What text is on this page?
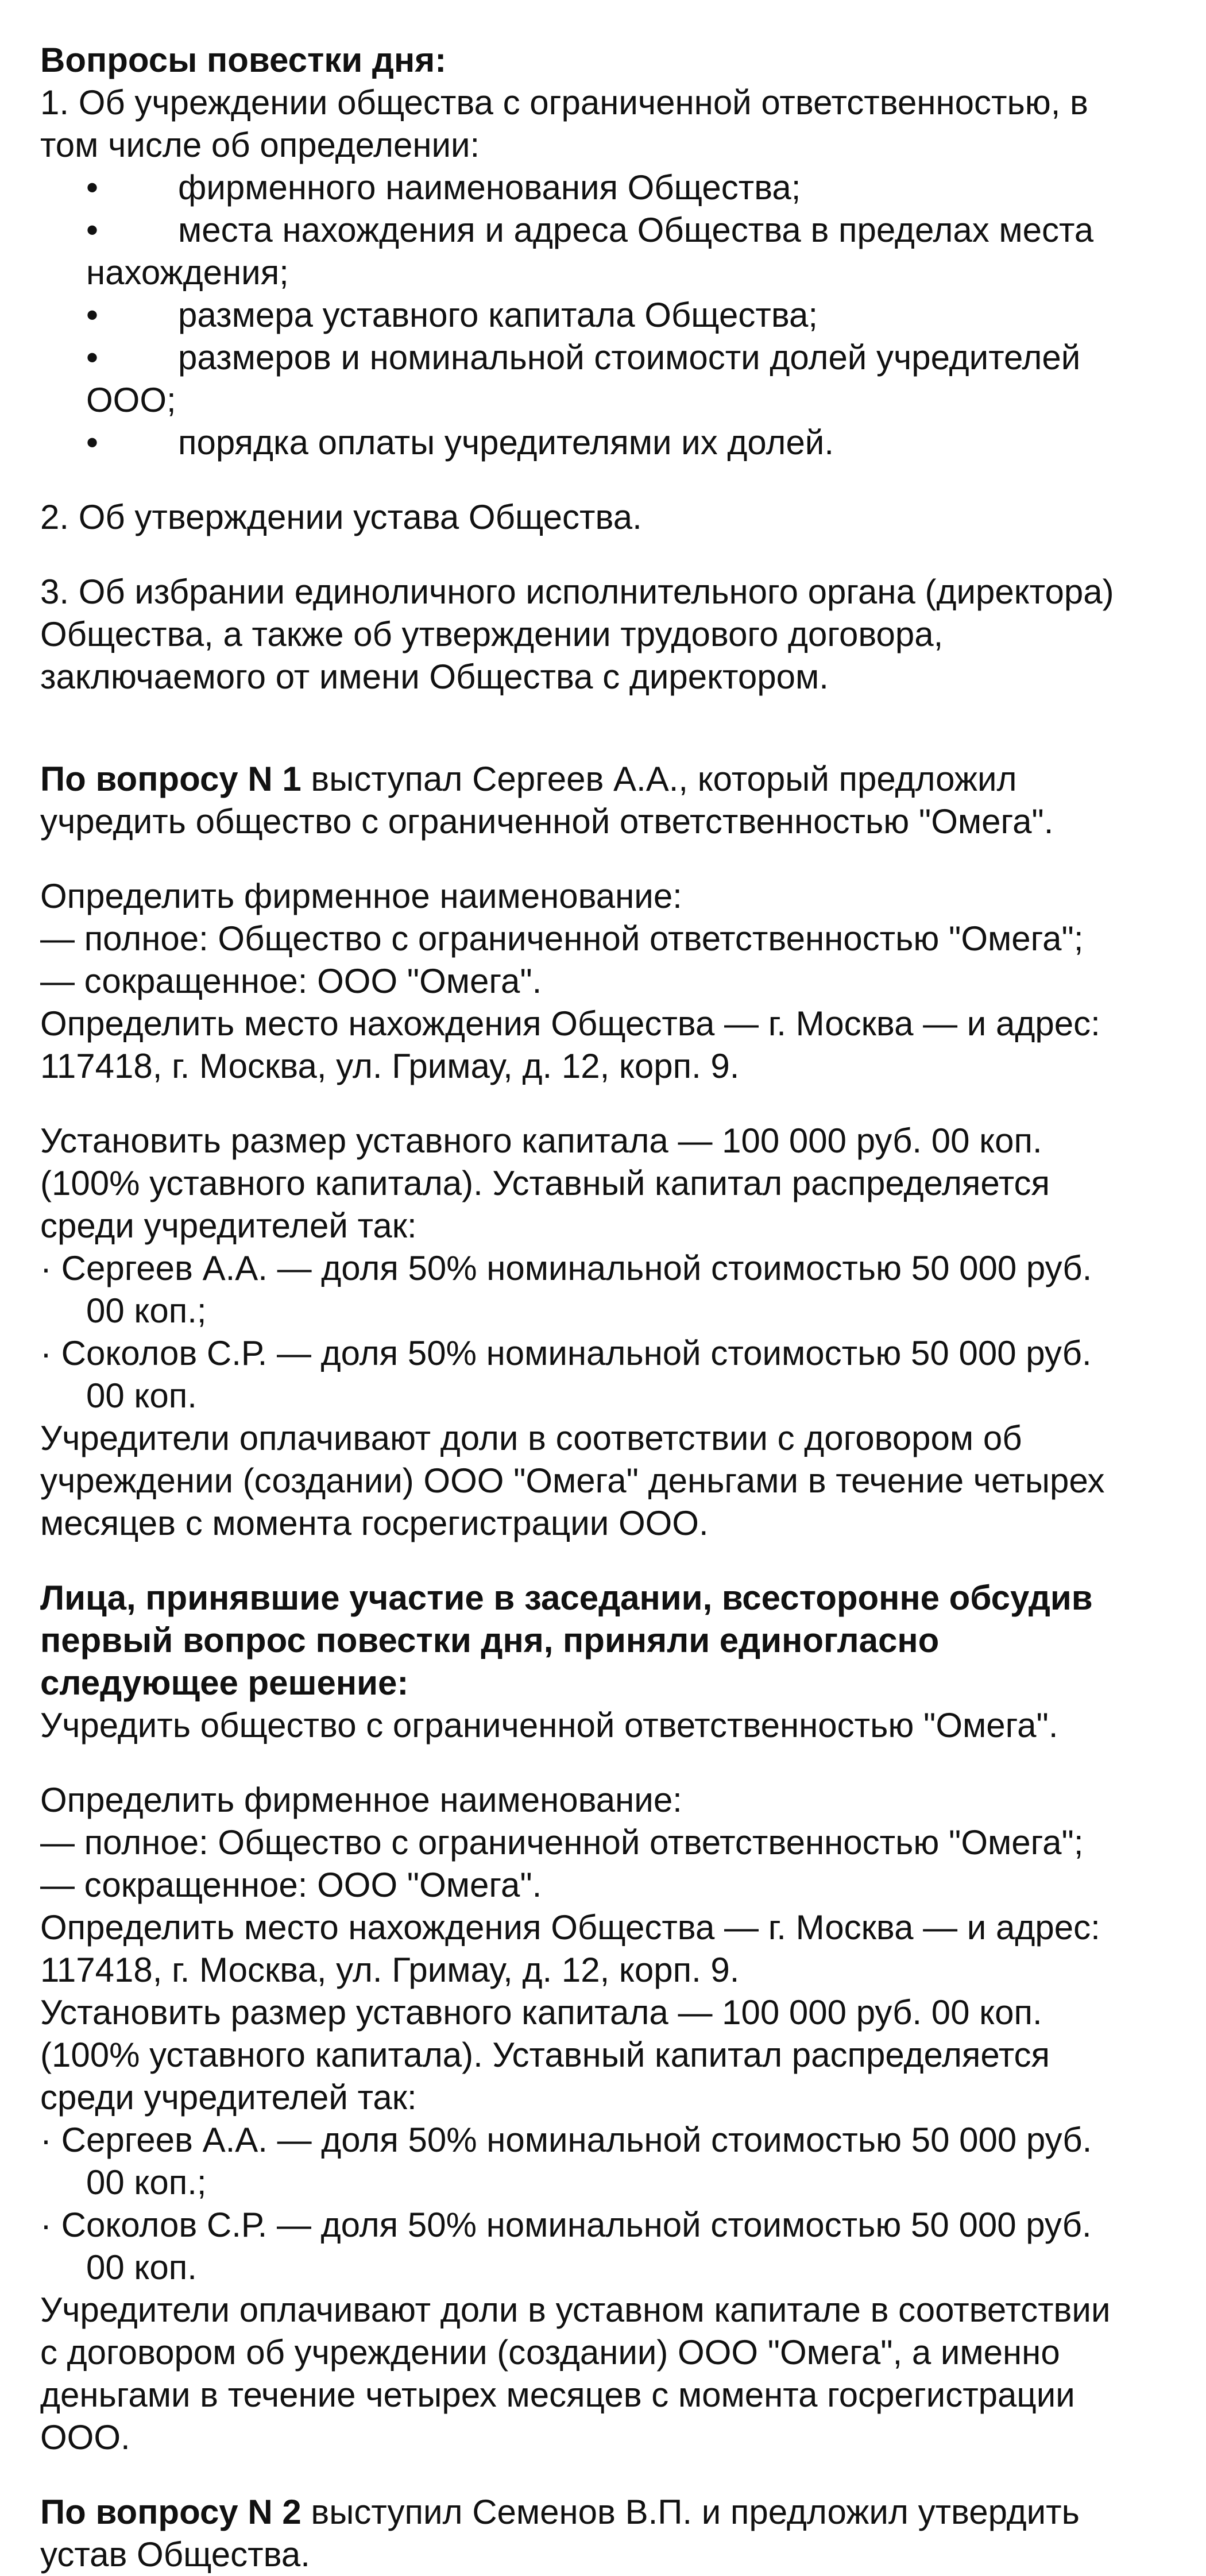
Вопросы повестки дня:
1. Об учреждении общества с ограниченной ответственностью, в
том числе об определении:
• фирменного наименования Общества;
• места нахождения и адреса Общества в пределах места
нахождения;
• размера уставного капитала Общества;
• размеров и номинальной стоимости долей учредителей
ООО;
• порядка оплаты учредителями их долей.
2. Об утверждении устава Общества.
3. Об избрании единоличного исполнительного органа (директора)
Общества, а также об утверждении трудового договора,
заключаемого от имени Общества с директором.
По вопросу N 1 выступал Сергеев А.А., который предложил
учредить общество с ограниченной ответственностью "Омега".
Определить фирменное наименование:
— полное: Общество с ограниченной ответственностью "Омега";
— сокращенное: ООО "Омега".
Определить место нахождения Общества — г. Москва — и адрес:
117418, г. Москва, ул. Гримау, д. 12, корп. 9.
Установить размер уставного капитала — 100 000 руб. 00 коп.
(100% уставного капитала). Уставный капитал распределяется
среди учредителей так:
· Сергеев А.А. — доля 50% номинальной стоимостью 50 000 руб.
00 коп.;
· Соколов С.Р. — доля 50% номинальной стоимостью 50 000 руб.
00 коп.
Учредители оплачивают доли в соответствии с договором об
учреждении (создании) ООО "Омега" деньгами в течение четырех
месяцев с момента госрегистрации ООО.
Лица, принявшие участие в заседании, всесторонне обсудив
первый вопрос повестки дня, приняли единогласно
следующее решение:
Учредить общество с ограниченной ответственностью "Омега".
Определить фирменное наименование:
— полное: Общество с ограниченной ответственностью "Омега";
— сокращенное: ООО "Омега".
Определить место нахождения Общества — г. Москва — и адрес:
117418, г. Москва, ул. Гримау, д. 12, корп. 9.
Установить размер уставного капитала — 100 000 руб. 00 коп.
(100% уставного капитала). Уставный капитал распределяется
среди учредителей так:
· Сергеев А.А. — доля 50% номинальной стоимостью 50 000 руб.
00 коп.;
· Соколов С.Р. — доля 50% номинальной стоимостью 50 000 руб.
00 коп.
Учредители оплачивают доли в уставном капитале в соответствии
с договором об учреждении (создании) ООО "Омега", а именно
деньгами в течение четырех месяцев с момента госрегистрации
ООО.
По вопросу N 2 выступил Семенов В.П. и предложил утвердить
устав Общества.
